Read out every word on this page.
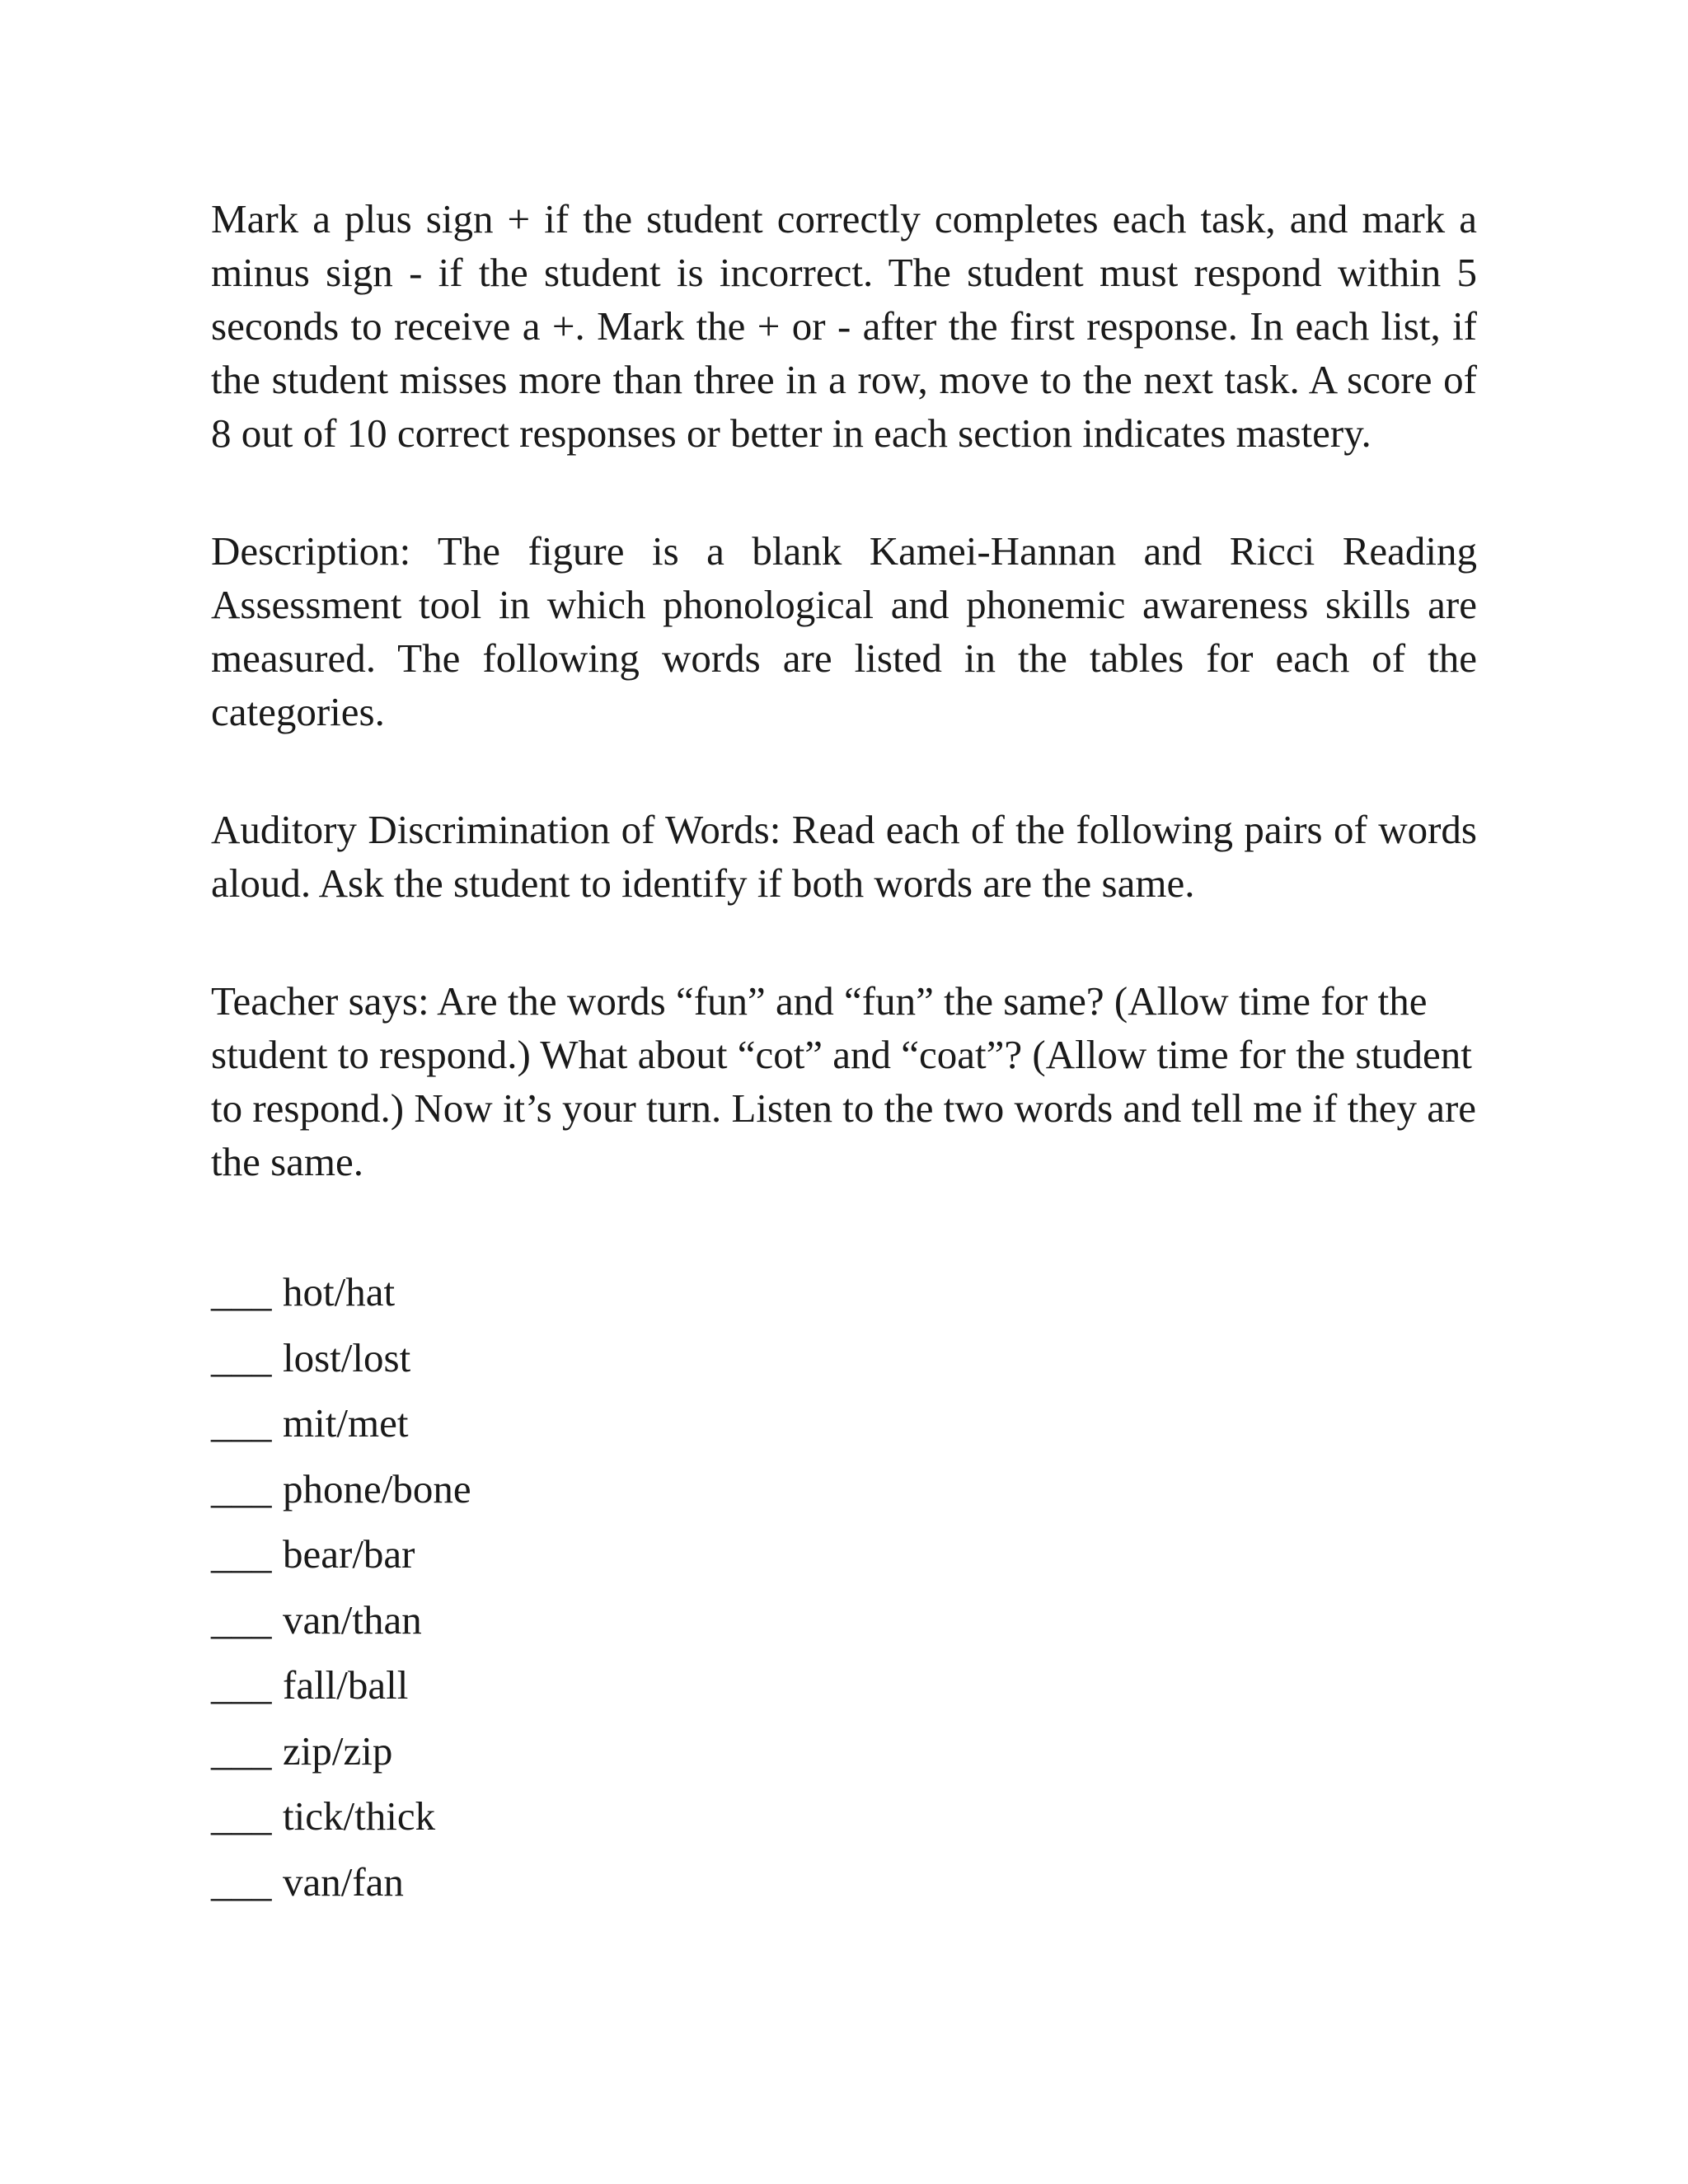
Mark a plus sign + if the student correctly completes each task, and mark a minus sign - if the student is incorrect. The student must respond within 5 seconds to receive a +. Mark the + or - after the first response. In each list, if the student misses more than three in a row, move to the next task. A score of 8 out of 10 correct responses or better in each section indicates mastery.

Description: The figure is a blank Kamei-Hannan and Ricci Reading Assessment tool in which phonological and phonemic awareness skills are measured. The following words are listed in the tables for each of the categories.

Auditory Discrimination of Words: Read each of the following pairs of words aloud. Ask the student to identify if both words are the same.

Teacher says: Are the words “fun” and “fun” the same? (Allow time for the student to respond.) What about “cot” and “coat”? (Allow time for the student to respond.) Now it’s your turn. Listen to the two words and tell me if they are the same.

___ hot/hat
___ lost/lost
___ mit/met
___ phone/bone
___ bear/bar
___ van/than
___ fall/ball
___ zip/zip
___ tick/thick
___ van/fan
